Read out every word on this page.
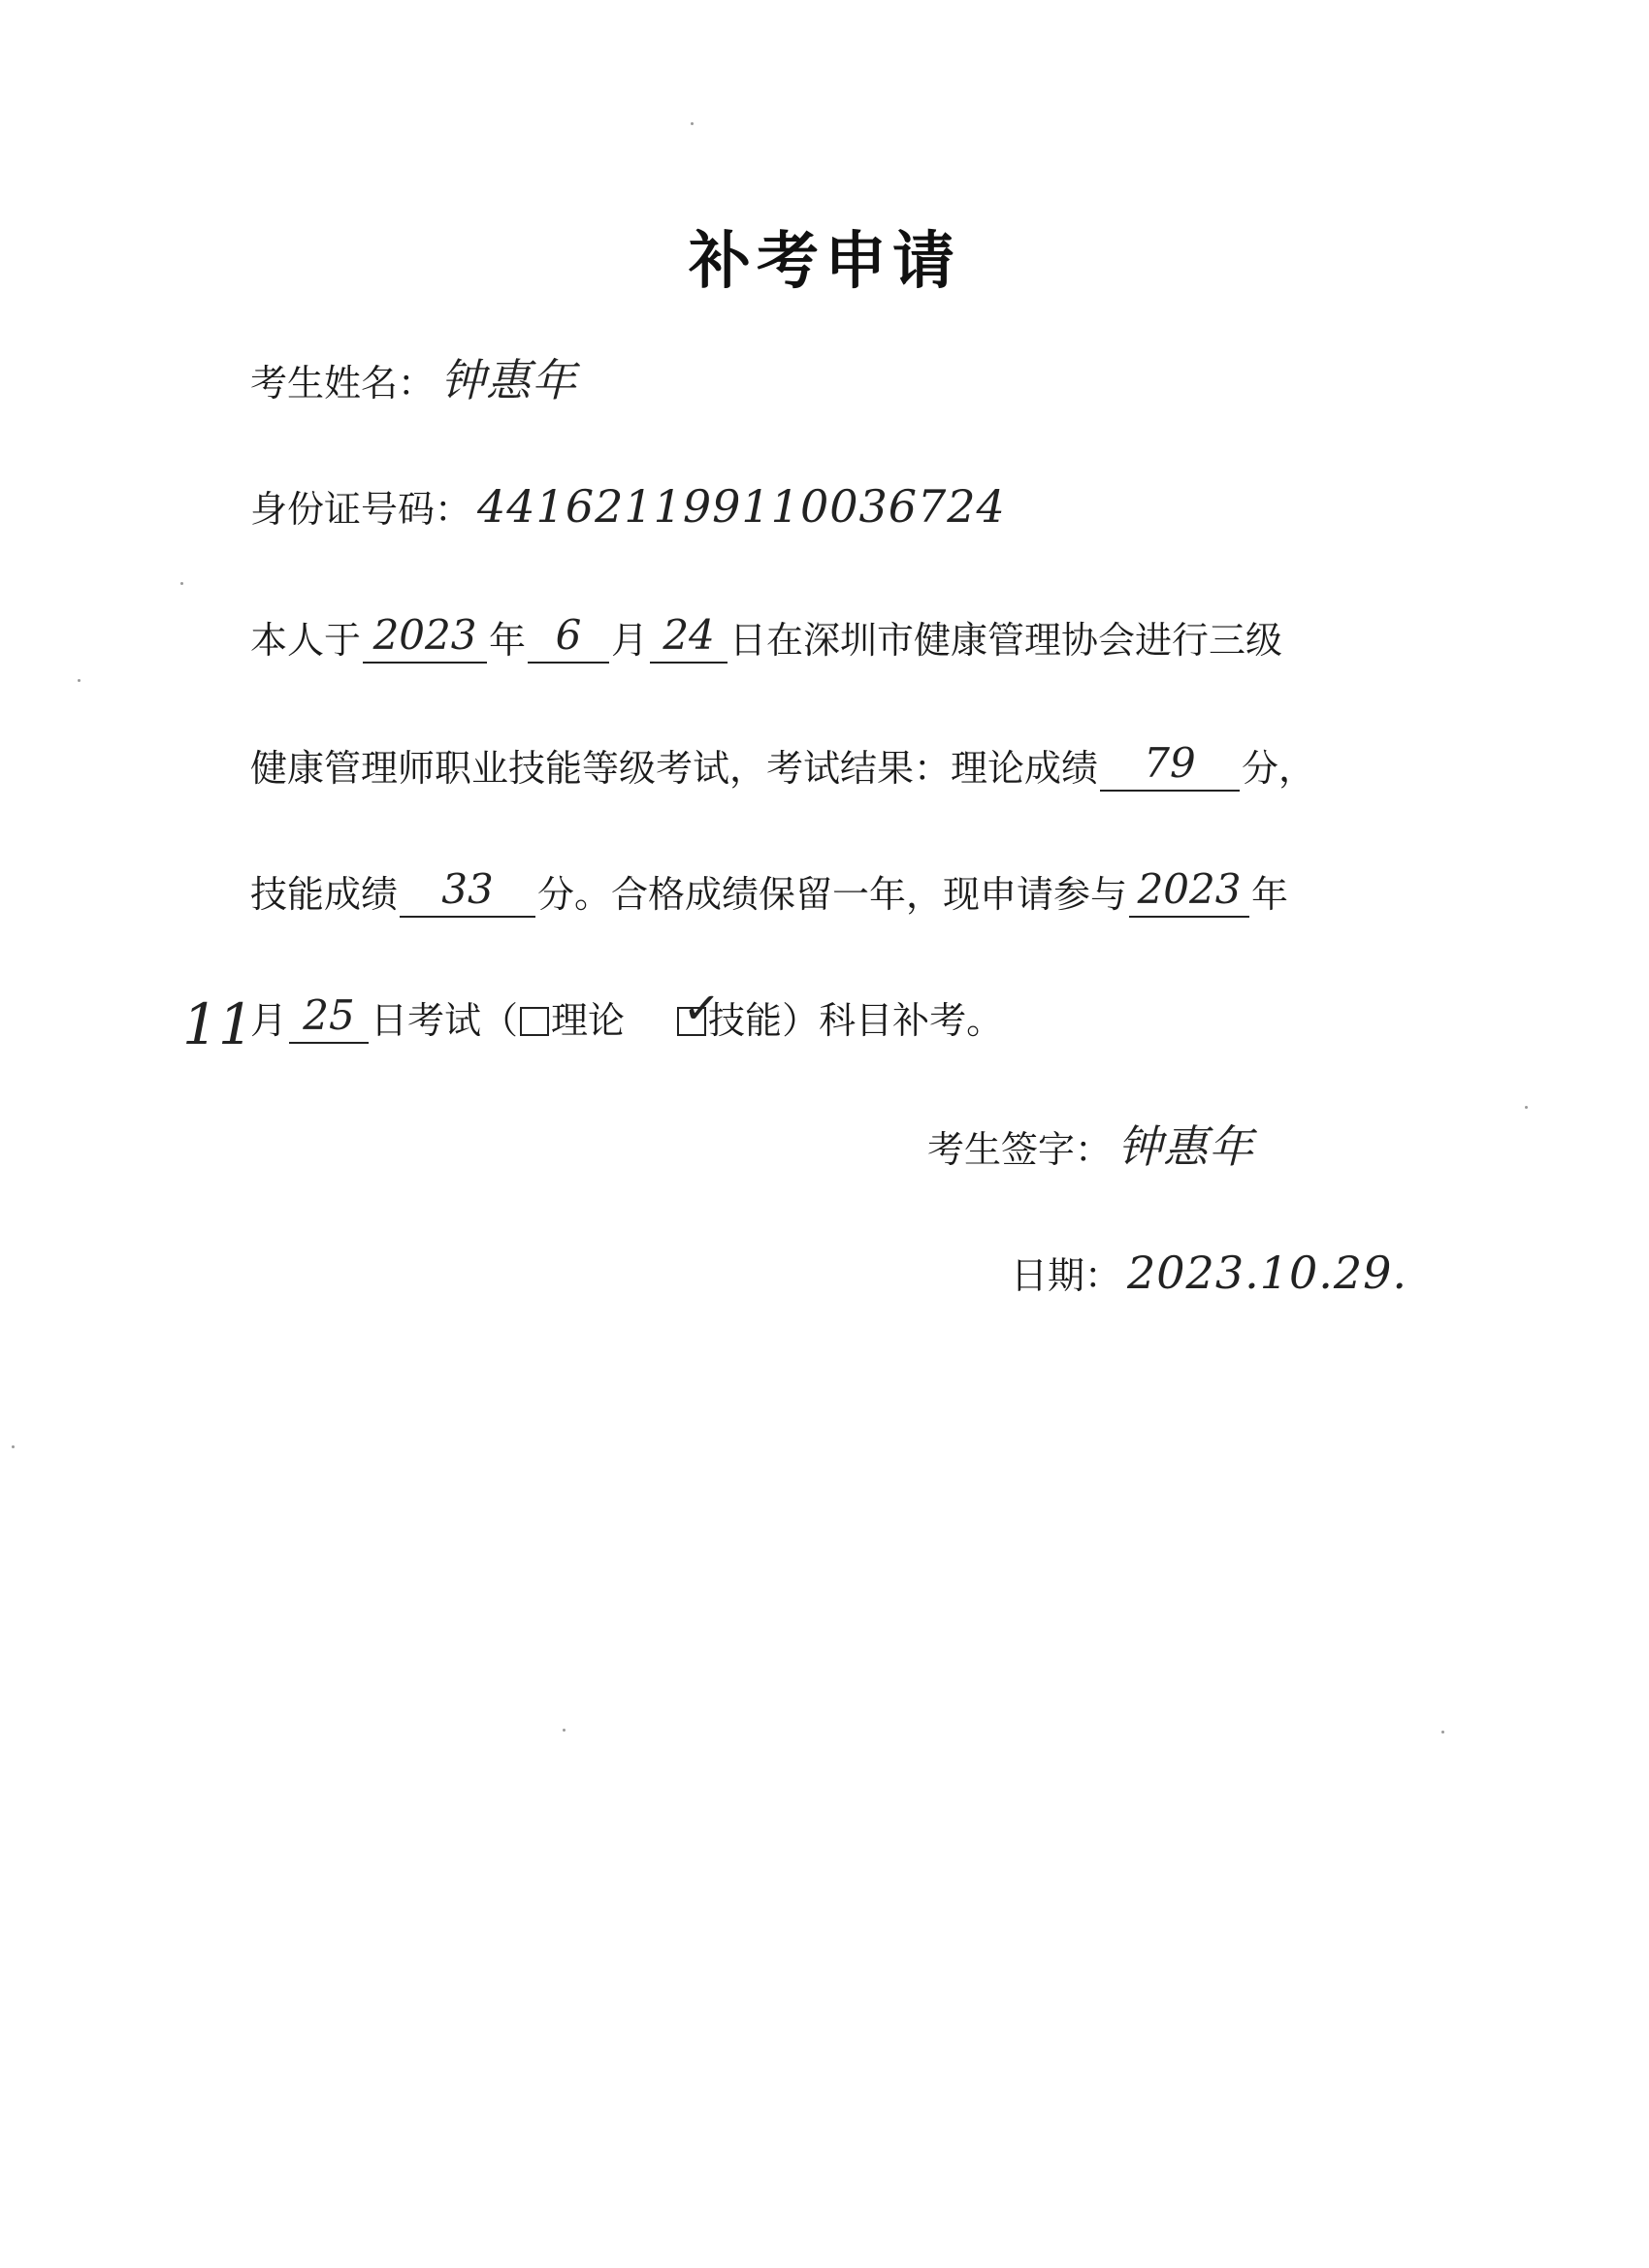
补考申请
考生姓名： 钟惠年
身份证号码： 441621199110036724
本人于 2023 年 6 月 24 日在深圳市健康管理协会进行三级
健康管理师职业技能等级考试，考试结果：理论成绩 79 分，
技能成绩 33 分。合格成绩保留一年，现申请参与 2023 年
11
月 25 日考试（ 理论 ✓
技能）科目补考。
考生签字： 钟惠年
日期： 2023.10.29.
